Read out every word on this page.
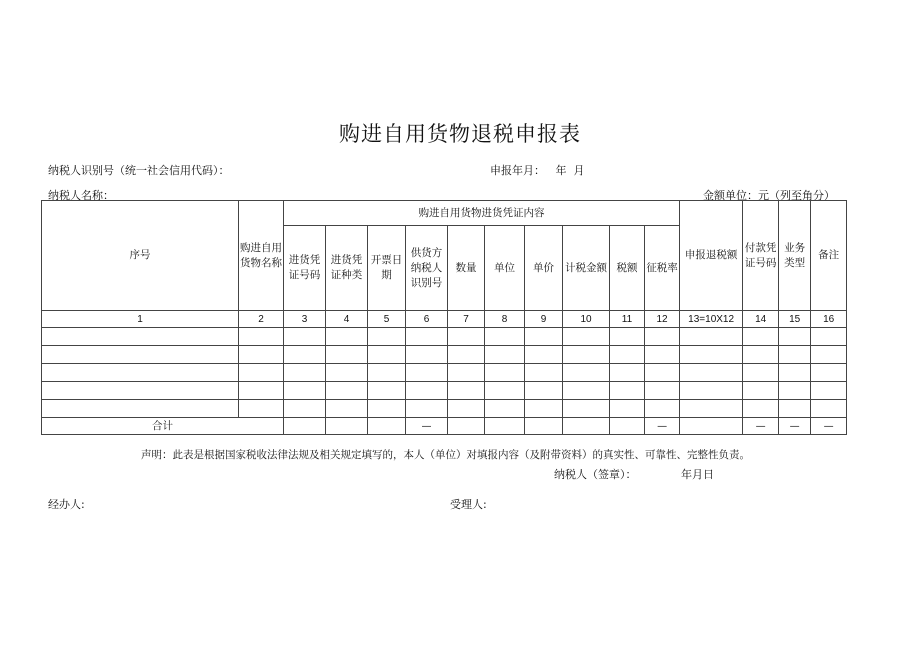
购进自用货物退税申报表
纳税人识别号（统一社会信用代码）：	申报年月：   年  月
纳税人名称：	金额单位：元（列至角分）
序号	购进自用货物名称	购进自用货物进货凭证内容										申报退税额	付款凭证号码	业务类型	备注
		进货凭证号码	进货凭证种类	开票日期	供货方纳税人识别号	数量	单位	单价	计税金额	税额	征税率				
1	2	3	4	5	6	7	8	9	10	11	12	13=10X12	14	15	16

合计					—						—		—	—	—
声明：此表是根据国家税收法律法规及相关规定填写的，本人（单位）对填报内容（及附带资料）的真实性、可靠性、完整性负责。
纳税人（签章）：	年月日
经办人:	受理人:
